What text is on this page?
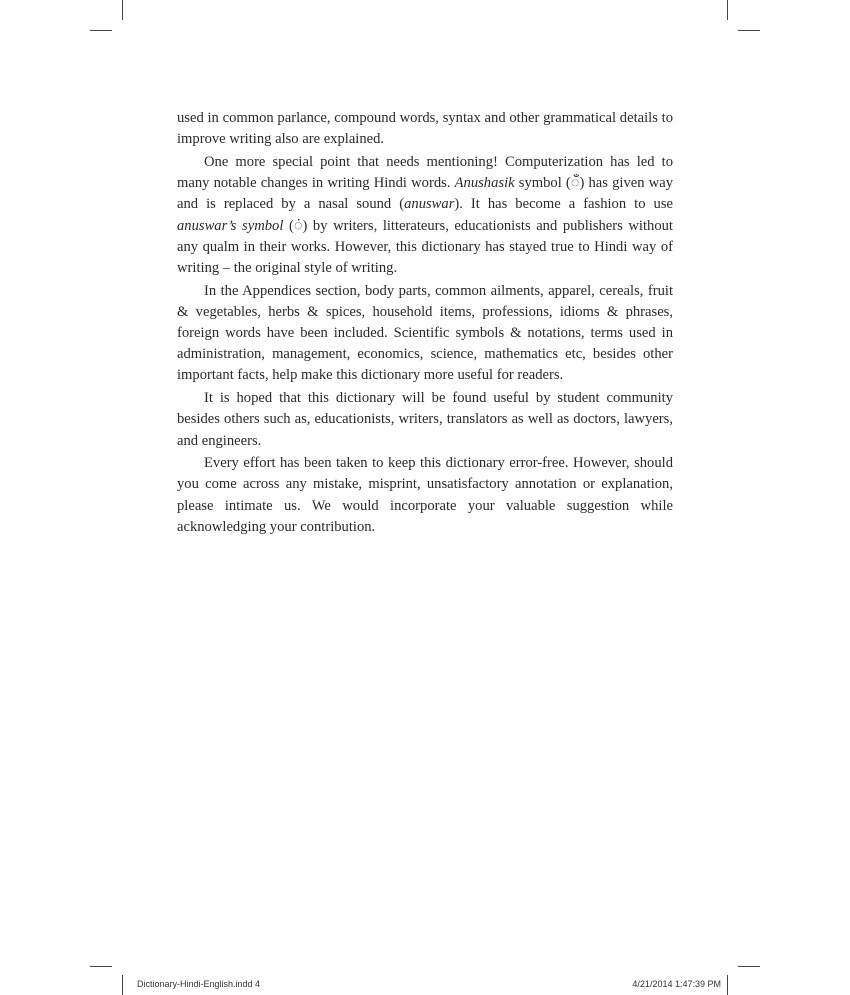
used in common parlance, compound words, syntax and other grammatical details to improve writing also are explained.

One more special point that needs mentioning! Computerization has led to many notable changes in writing Hindi words. Anushasik symbol (ँ) has given way and is replaced by a nasal sound (anuswar). It has become a fashion to use anuswar’s symbol (ं) by writers, litterateurs, educationists and publishers without any qualm in their works. However, this dictionary has stayed true to Hindi way of writing – the original style of writing.

In the Appendices section, body parts, common ailments, apparel, cereals, fruit & vegetables, herbs & spices, household items, professions, idioms & phrases, foreign words have been included. Scientific symbols & notations, terms used in administration, management, economics, science, mathematics etc, besides other important facts, help make this dictionary more useful for readers.

It is hoped that this dictionary will be found useful by student community besides others such as, educationists, writers, translators as well as doctors, lawyers, and engineers.

Every effort has been taken to keep this dictionary error-free. However, should you come across any mistake, misprint, unsatisfactory annotation or explanation, please intimate us. We would incorporate your valuable suggestion while acknowledging your contribution.

Dictionary-Hindi-English.indd 4	4/21/2014 1:47:39 PM
